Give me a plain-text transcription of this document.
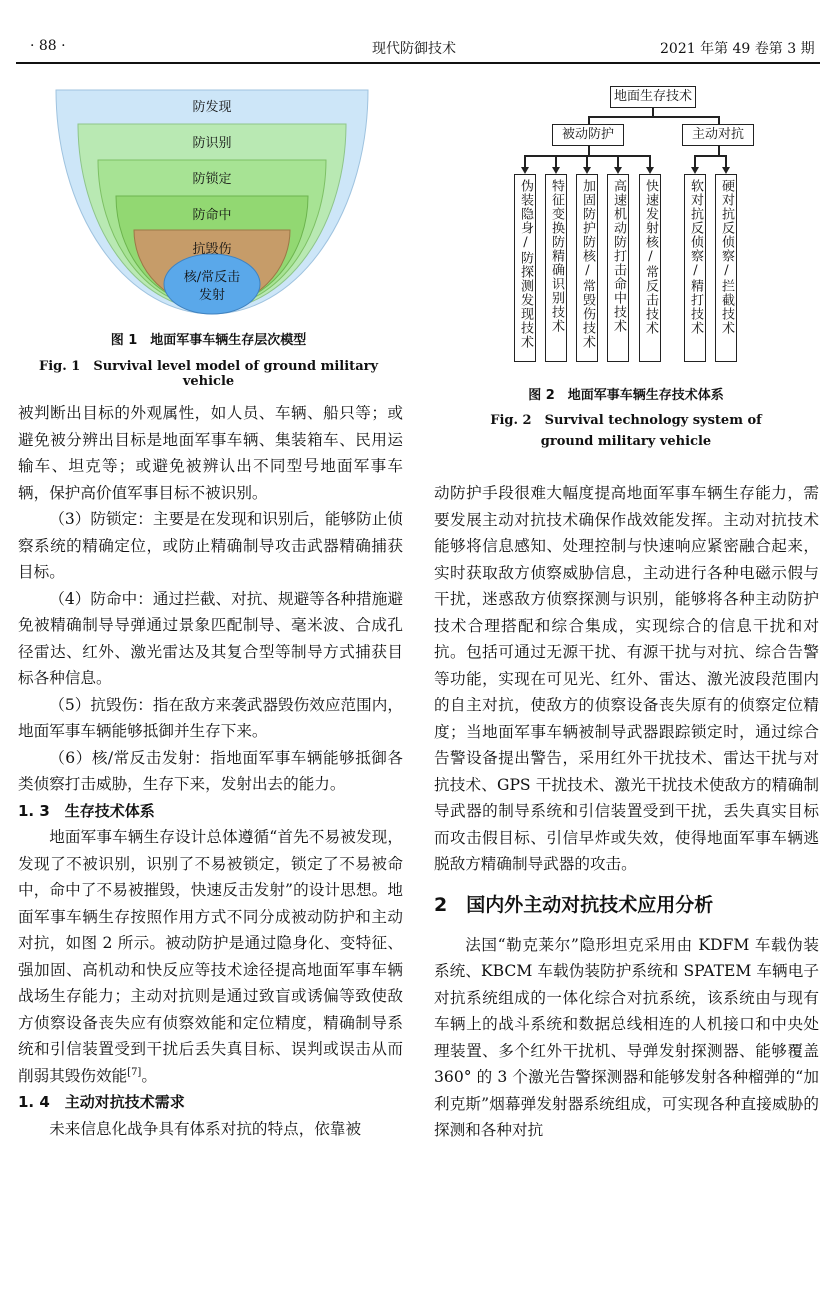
· 88 ·	现代防御技术	2021 年第 49 卷第 3 期
防发现
防识别
防锁定
防命中
抗毁伤
核/常反击
发射
图 1　地面军事车辆生存层次模型
Fig. 1　Survival level model of ground military vehicle
地面生存技术
被动防护	主动对抗
伪装隐身/防探测发现技术	特征变换防精确识别技术	加固防护防核/常毁伤技术	高速机动防打击命中技术	快速发射核/常反击技术	软对抗反侦察/精打技术	硬对抗反侦察/拦截技术
图 2　地面军事车辆生存技术体系
Fig. 2　Survival technology system of
ground military vehicle

被判断出目标的外观属性，如人员、车辆、船只等；或避免被分辨出目标是地面军事车辆、集装箱车、民用运输车、坦克等；或避免被辨认出不同型号地面军事车辆，保护高价值军事目标不被识别。

（3）防锁定：主要是在发现和识别后，能够防止侦察系统的精确定位，或防止精确制导攻击武器精确捕获目标。

（4）防命中：通过拦截、对抗、规避等各种措施避免被精确制导导弹通过景象匹配制导、毫米波、合成孔径雷达、红外、激光雷达及其复合型等制导方式捕获目标各种信息。

（5）抗毁伤：指在敌方来袭武器毁伤效应范围内，地面军事车辆能够抵御并生存下来。

（6）核/常反击发射：指地面军事车辆能够抵御各类侦察打击威胁，生存下来，发射出去的能力。

1. 3　生存技术体系

地面军事车辆生存设计总体遵循“首先不易被发现，发现了不被识别，识别了不易被锁定，锁定了不易被命中，命中了不易被摧毁，快速反击发射”的设计思想。地面军事车辆生存按照作用方式不同分成被动防护和主动对抗，如图 2 所示。被动防护是通过隐身化、变特征、强加固、高机动和快反应等技术途径提高地面军事车辆战场生存能力；主动对抗则是通过致盲或诱偏等致使敌方侦察设备丧失应有侦察效能和定位精度，精确制导系统和引信装置受到干扰后丢失真目标、误判或误击从而削弱其毁伤效能[7]。

1. 4　主动对抗技术需求

未来信息化战争具有体系对抗的特点，依靠被

动防护手段很难大幅度提高地面军事车辆生存能力，需要发展主动对抗技术确保作战效能发挥。主动对抗技术能够将信息感知、处理控制与快速响应紧密融合起来，实时获取敌方侦察威胁信息，主动进行各种电磁示假与干扰，迷惑敌方侦察探测与识别，能够将各种主动防护技术合理搭配和综合集成，实现综合的信息干扰和对抗。包括可通过无源干扰、有源干扰与对抗、综合告警等功能，实现在可见光、红外、雷达、激光波段范围内的自主对抗，使敌方的侦察设备丧失原有的侦察定位精度；当地面军事车辆被制导武器跟踪锁定时，通过综合告警设备提出警告，采用红外干扰技术、雷达干扰与对抗技术、GPS 干扰技术、激光干扰技术使敌方的精确制导武器的制导系统和引信装置受到干扰，丢失真实目标而攻击假目标、引信早炸或失效，使得地面军事车辆逃脱敌方精确制导武器的攻击。

2　国内外主动对抗技术应用分析

法国“勒克莱尔”隐形坦克采用由 KDFM 车载伪装系统、KBCM 车载伪装防护系统和 SPATEM 车辆电子对抗系统组成的一体化综合对抗系统，该系统由与现有车辆上的战斗系统和数据总线相连的人机接口和中央处理装置、多个红外干扰机、导弹发射探测器、能够覆盖 360° 的 3 个激光告警探测器和能够发射各种榴弹的“加利克斯”烟幕弹发射器系统组成，可实现各种直接威胁的探测和各种对抗
